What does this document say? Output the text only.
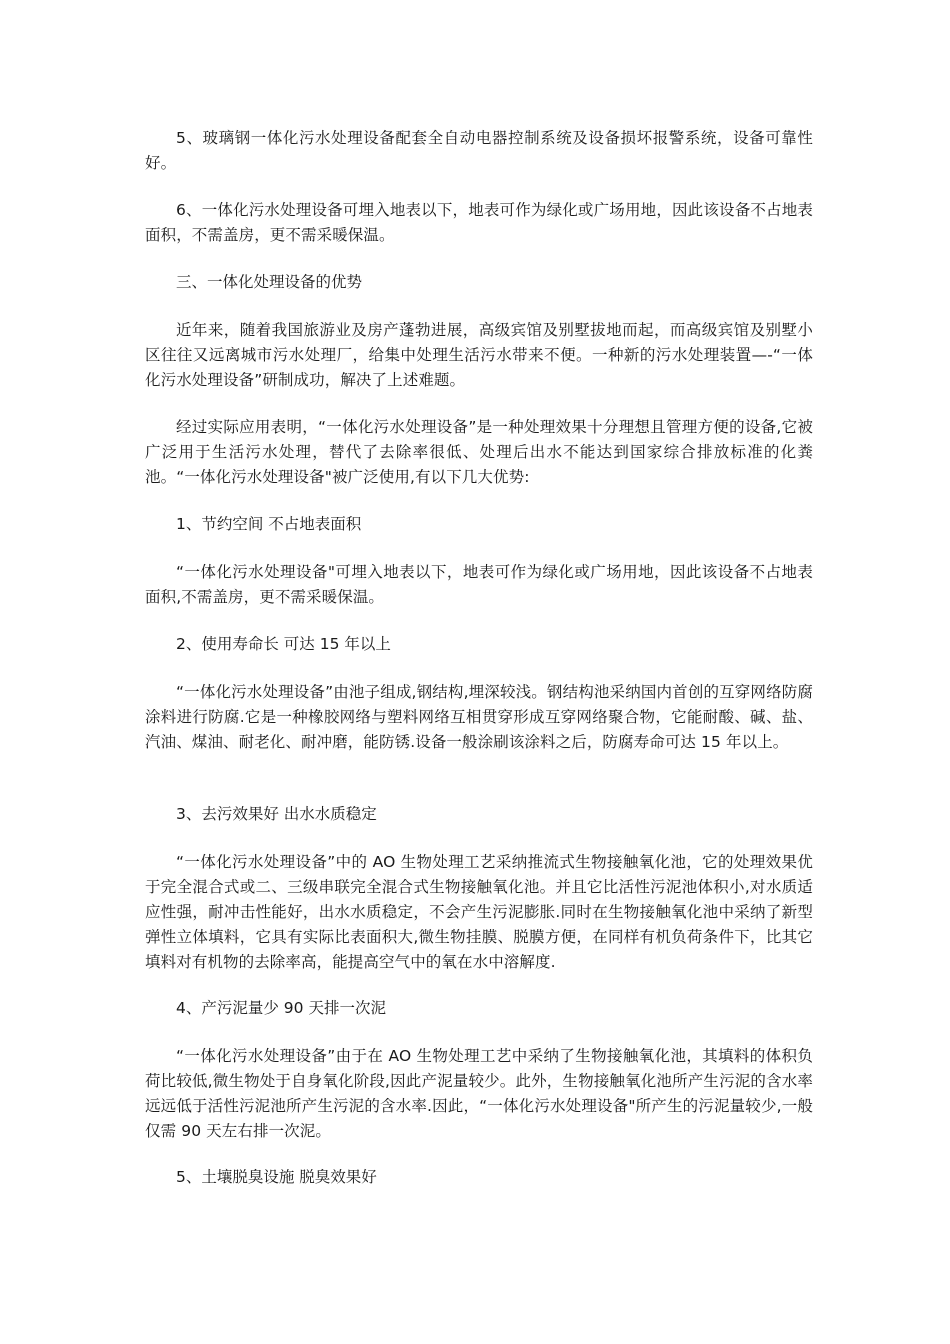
5、玻璃钢一体化污水处理设备配套全自动电器控制系统及设备损坏报警系统，设备可靠性好。

6、一体化污水处理设备可埋入地表以下，地表可作为绿化或广场用地，因此该设备不占地表面积，不需盖房，更不需采暖保温。

三、一体化处理设备的优势

近年来，随着我国旅游业及房产蓬勃进展，高级宾馆及别墅拔地而起，而高级宾馆及别墅小区往往又远离城市污水处理厂，给集中处理生活污水带来不便。一种新的污水处理装置—-“一体化污水处理设备”研制成功，解决了上述难题。

经过实际应用表明，“一体化污水处理设备”是一种处理效果十分理想且管理方便的设备,它被广泛用于生活污水处理，替代了去除率很低、处理后出水不能达到国家综合排放标准的化粪池。“一体化污水处理设备"被广泛使用,有以下几大优势:

1、节约空间 不占地表面积

“一体化污水处理设备"可埋入地表以下，地表可作为绿化或广场用地，因此该设备不占地表面积,不需盖房，更不需采暖保温。

2、使用寿命长 可达 15 年以上

“一体化污水处理设备”由池子组成,钢结构,埋深较浅。钢结构池采纳国内首创的互穿网络防腐涂料进行防腐.它是一种橡胶网络与塑料网络互相贯穿形成互穿网络聚合物，它能耐酸、碱、盐、汽油、煤油、耐老化、耐冲磨，能防锈.设备一般涂刷该涂料之后，防腐寿命可达 15 年以上。

3、去污效果好 出水水质稳定

“一体化污水处理设备”中的 AO 生物处理工艺采纳推流式生物接触氧化池，它的处理效果优于完全混合式或二、三级串联完全混合式生物接触氧化池。并且它比活性污泥池体积小,对水质适应性强，耐冲击性能好，出水水质稳定，不会产生污泥膨胀.同时在生物接触氧化池中采纳了新型弹性立体填料，它具有实际比表面积大,微生物挂膜、脱膜方便，在同样有机负荷条件下，比其它填料对有机物的去除率高，能提高空气中的氧在水中溶解度.

4、产污泥量少 90 天排一次泥

“一体化污水处理设备”由于在 AO 生物处理工艺中采纳了生物接触氧化池，其填料的体积负荷比较低,微生物处于自身氧化阶段,因此产泥量较少。此外，生物接触氧化池所产生污泥的含水率远远低于活性污泥池所产生污泥的含水率.因此，“一体化污水处理设备"所产生的污泥量较少,一般仅需 90 天左右排一次泥。

5、土壤脱臭设施 脱臭效果好
